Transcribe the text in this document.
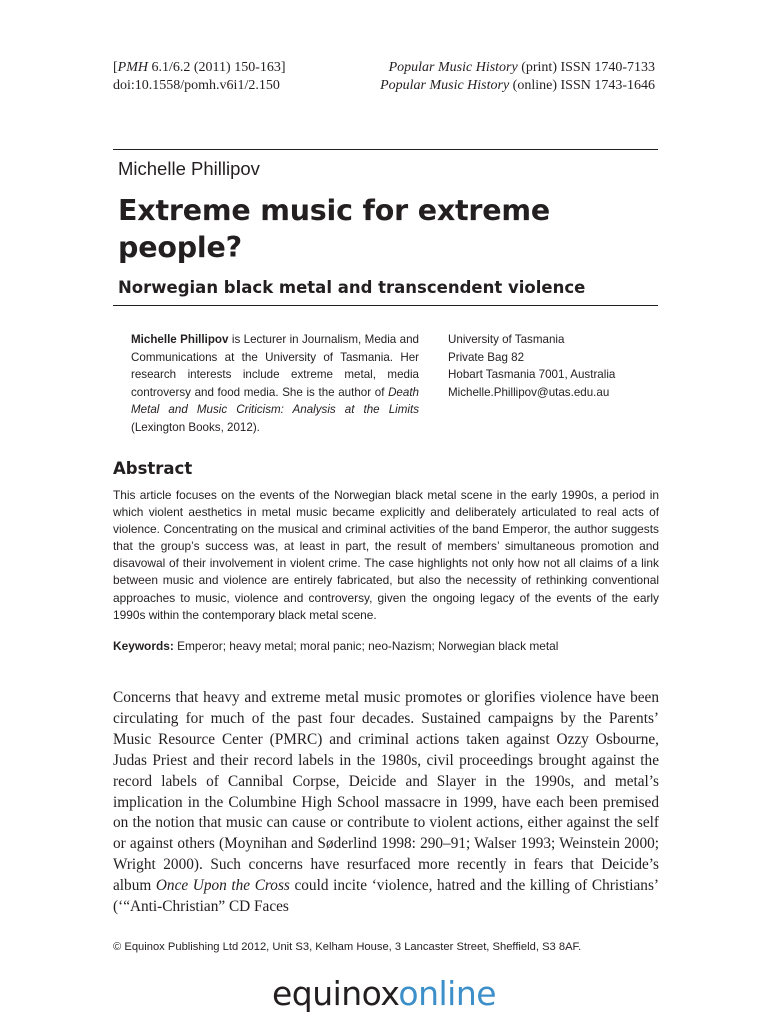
[PMH 6.1/6.2 (2011) 150-163]
doi:10.1558/pomh.v6i1/2.150
Popular Music History (print) ISSN 1740-7133
Popular Music History (online) ISSN 1743-1646
Michelle Phillipov
Extreme music for extreme people?
Norwegian black metal and transcendent violence
Michelle Phillipov is Lecturer in Journalism, Media and Communications at the University of Tasmania. Her research interests include extreme metal, media controversy and food media. She is the author of Death Metal and Music Criticism: Analysis at the Limits (Lexington Books, 2012).
University of Tasmania
Private Bag 82
Hobart Tasmania 7001, Australia
Michelle.Phillipov@utas.edu.au
Abstract
This article focuses on the events of the Norwegian black metal scene in the early 1990s, a period in which violent aesthetics in metal music became explicitly and deliberately articulated to real acts of violence. Concentrating on the musical and criminal activities of the band Emperor, the author suggests that the group’s success was, at least in part, the result of members’ simultaneous promotion and disavowal of their involvement in violent crime. The case highlights not only how not all claims of a link between music and violence are entirely fabricated, but also the necessity of rethinking conventional approaches to music, violence and controversy, given the ongoing legacy of the events of the early 1990s within the contemporary black metal scene.
Keywords: Emperor; heavy metal; moral panic; neo-Nazism; Norwegian black metal
Concerns that heavy and extreme metal music promotes or glorifies violence have been circulating for much of the past four decades. Sustained campaigns by the Parents’ Music Resource Center (PMRC) and criminal actions taken against Ozzy Osbourne, Judas Priest and their record labels in the 1980s, civil proceedings brought against the record labels of Cannibal Corpse, Deicide and Slayer in the 1990s, and metal’s implication in the Columbine High School massacre in 1999, have each been premised on the notion that music can cause or contribute to violent actions, either against the self or against others (Moynihan and Søderlind 1998: 290–91; Walser 1993; Weinstein 2000; Wright 2000). Such concerns have resurfaced more recently in fears that Deicide’s album Once Upon the Cross could incite ‘violence, hatred and the killing of Christians’ (‘“Anti-Christian” CD Faces
© Equinox Publishing Ltd 2012, Unit S3, Kelham House, 3 Lancaster Street, Sheffield, S3 8AF.
equinoxonline
